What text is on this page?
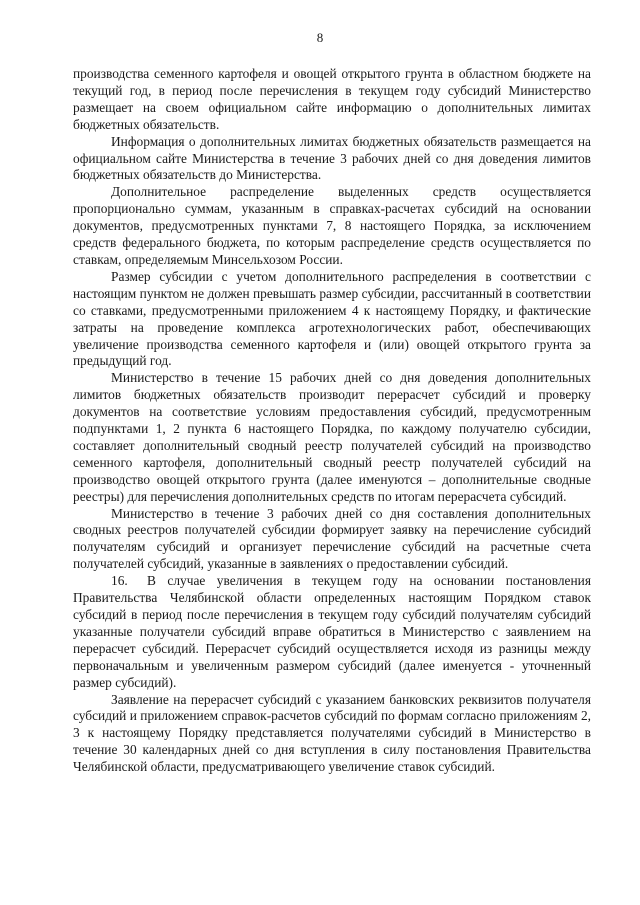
8

производства семенного картофеля и овощей открытого грунта в областном бюджете на текущий год, в период после перечисления в текущем году субсидий Министерство размещает на своем официальном сайте информацию о дополнительных лимитах бюджетных обязательств.

Информация о дополнительных лимитах бюджетных обязательств размещается на официальном сайте Министерства в течение 3 рабочих дней со дня доведения лимитов бюджетных обязательств до Министерства.

Дополнительное распределение выделенных средств осуществляется пропорционально суммам, указанным в справках-расчетах субсидий на основании документов, предусмотренных пунктами 7, 8 настоящего Порядка, за исключением средств федерального бюджета, по которым распределение средств осуществляется по ставкам, определяемым Минсельхозом России.

Размер субсидии с учетом дополнительного распределения в соответствии с настоящим пунктом не должен превышать размер субсидии, рассчитанный в соответствии со ставками, предусмотренными приложением 4 к настоящему Порядку, и фактические затраты на проведение комплекса агротехнологических работ, обеспечивающих увеличение производства семенного картофеля и (или) овощей открытого грунта за предыдущий год.

Министерство в течение 15 рабочих дней со дня доведения дополнительных лимитов бюджетных обязательств производит перерасчет субсидий и проверку документов на соответствие условиям предоставления субсидий, предусмотренным подпунктами 1, 2 пункта 6 настоящего Порядка, по каждому получателю субсидии, составляет дополнительный сводный реестр получателей субсидий на производство семенного картофеля, дополнительный сводный реестр получателей субсидий на производство овощей открытого грунта (далее именуются – дополнительные сводные реестры) для перечисления дополнительных средств по итогам перерасчета субсидий.

Министерство в течение 3 рабочих дней со дня составления дополнительных сводных реестров получателей субсидии формирует заявку на перечисление субсидий получателям субсидий и организует перечисление субсидий на расчетные счета получателей субсидий, указанные в заявлениях о предоставлении субсидий.

16. В случае увеличения в текущем году на основании постановления Правительства Челябинской области определенных настоящим Порядком ставок субсидий в период после перечисления в текущем году субсидий получателям субсидий указанные получатели субсидий вправе обратиться в Министерство с заявлением на перерасчет субсидий. Перерасчет субсидий осуществляется исходя из разницы между первоначальным и увеличенным размером субсидий (далее именуется - уточненный размер субсидий).

Заявление на перерасчет субсидий с указанием банковских реквизитов получателя субсидий и приложением справок-расчетов субсидий по формам согласно приложениям 2, 3 к настоящему Порядку представляется получателями субсидий в Министерство в течение 30 календарных дней со дня вступления в силу постановления Правительства Челябинской области, предусматривающего увеличение ставок субсидий.
